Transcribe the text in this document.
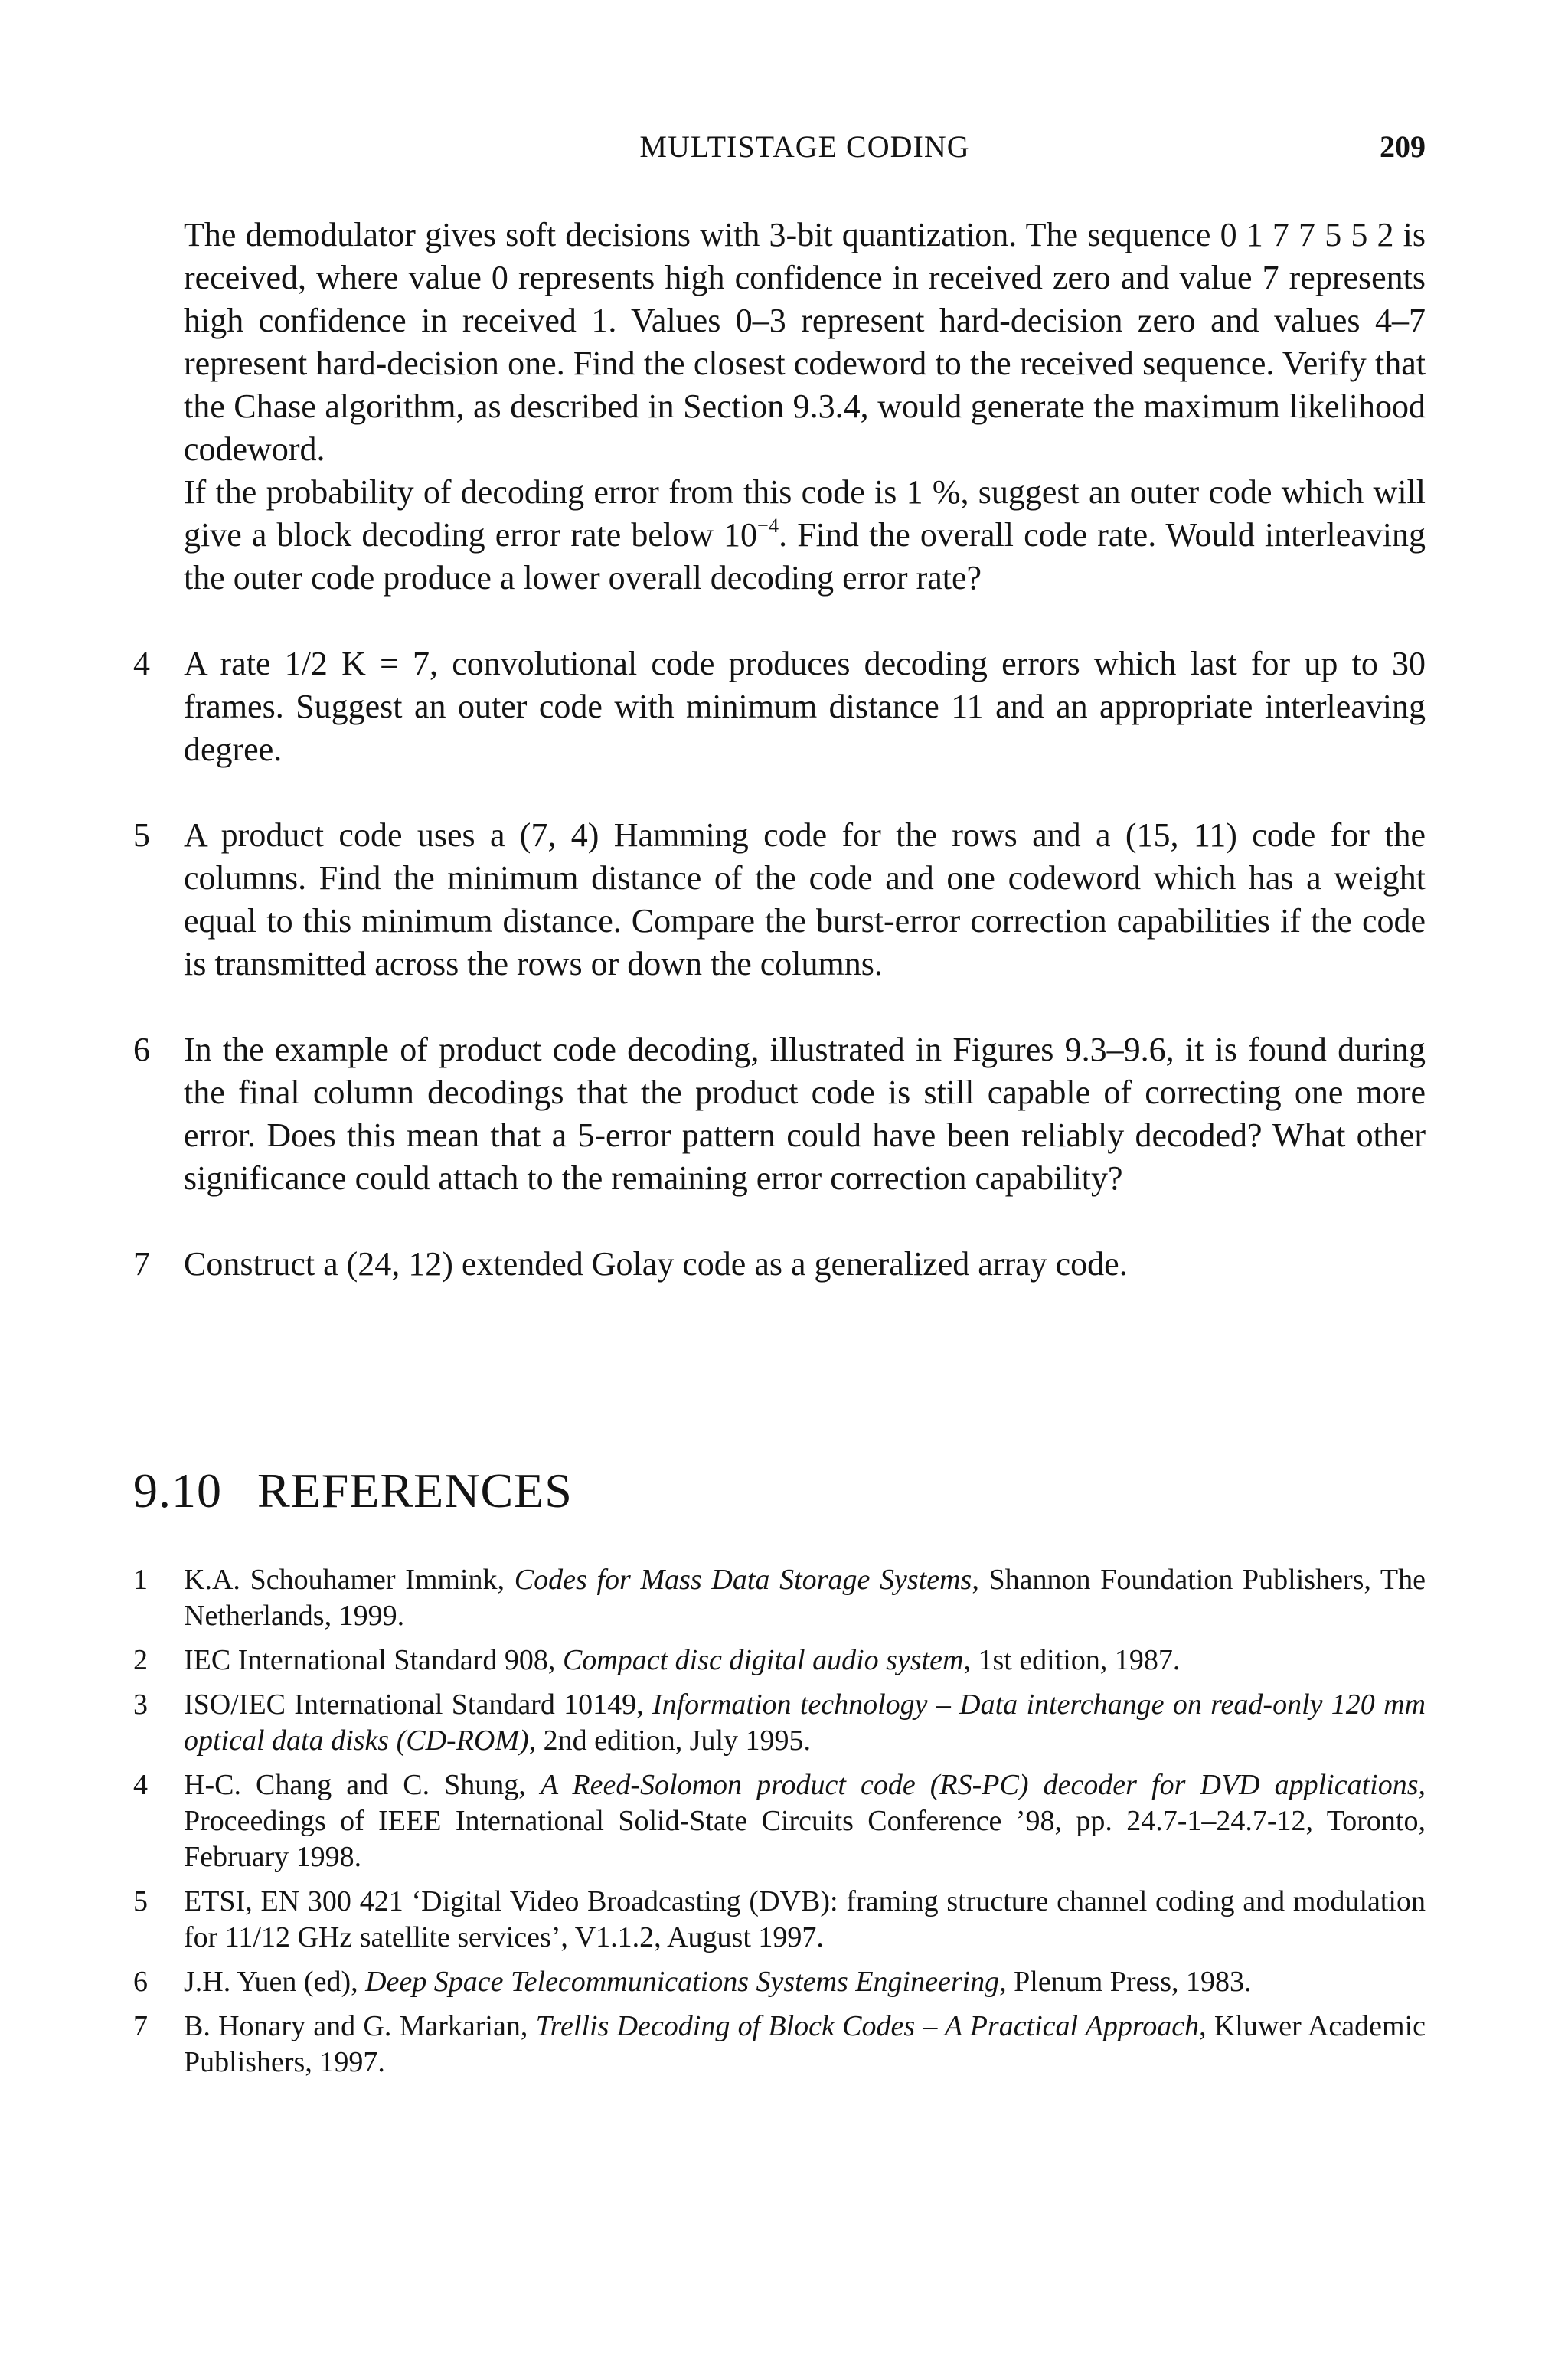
MULTISTAGE CODING	209

The demodulator gives soft decisions with 3-bit quantization. The sequence 0 1 7 7 5 5 2 is received, where value 0 represents high confidence in received zero and value 7 represents high confidence in received 1. Values 0–3 represent hard-decision zero and values 4–7 represent hard-decision one. Find the closest codeword to the received sequence. Verify that the Chase algorithm, as described in Section 9.3.4, would generate the maximum likelihood codeword.

If the probability of decoding error from this code is 1 %, suggest an outer code which will give a block decoding error rate below $10^{-4}$. Find the overall code rate. Would interleaving the outer code produce a lower overall decoding error rate?

4 A rate 1/2 K = 7, convolutional code produces decoding errors which last for up to 30 frames. Suggest an outer code with minimum distance 11 and an appropriate interleaving degree.
5 A product code uses a (7, 4) Hamming code for the rows and a (15, 11) code for the columns. Find the minimum distance of the code and one codeword which has a weight equal to this minimum distance. Compare the burst-error correction capabilities if the code is transmitted across the rows or down the columns.
6 In the example of product code decoding, illustrated in Figures 9.3–9.6, it is found during the final column decodings that the product code is still capable of correcting one more error. Does this mean that a 5-error pattern could have been reliably decoded? What other significance could attach to the remaining error correction capability?
7 Construct a (24, 12) extended Golay code as a generalized array code.
9.10 REFERENCES
1 K.A. Schouhamer Immink, Codes for Mass Data Storage Systems, Shannon Foundation Publishers, The Netherlands, 1999.
2 IEC International Standard 908, Compact disc digital audio system, 1st edition, 1987.
3 ISO/IEC International Standard 10149, Information technology – Data interchange on read-only 120 mm optical data disks (CD-ROM), 2nd edition, July 1995.
4 H-C. Chang and C. Shung, A Reed-Solomon product code (RS-PC) decoder for DVD applications, Proceedings of IEEE International Solid-State Circuits Conference ’98, pp. 24.7-1–24.7-12, Toronto, February 1998.
5 ETSI, EN 300 421 ‘Digital Video Broadcasting (DVB): framing structure channel coding and modulation for 11/12 GHz satellite services’, V1.1.2, August 1997.
6 J.H. Yuen (ed), Deep Space Telecommunications Systems Engineering, Plenum Press, 1983.
7 B. Honary and G. Markarian, Trellis Decoding of Block Codes – A Practical Approach, Kluwer Academic Publishers, 1997.
